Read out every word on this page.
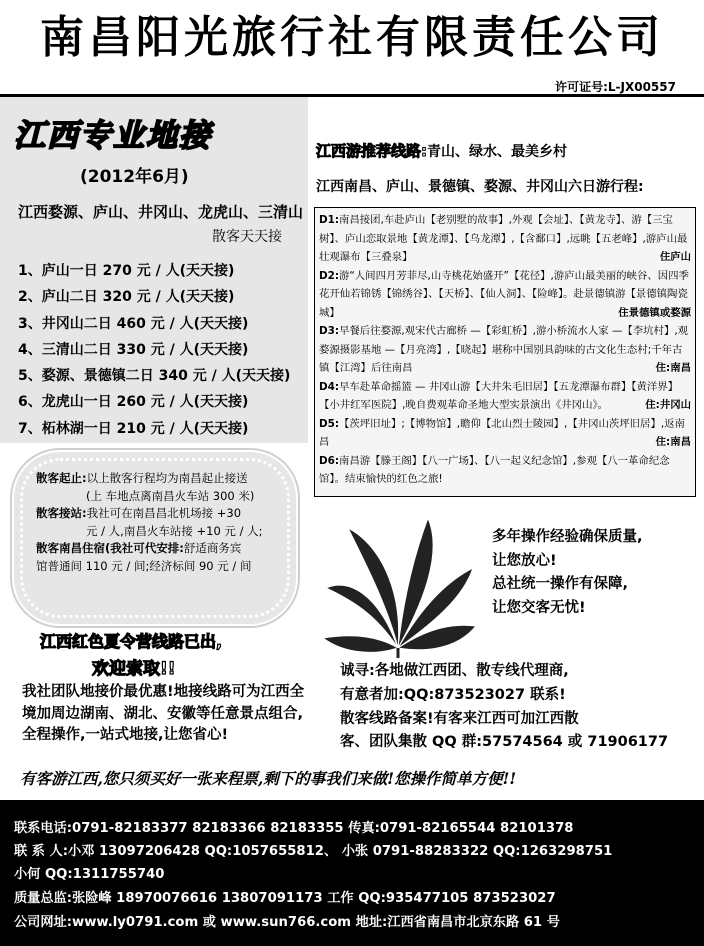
南昌阳光旅行社有限责任公司
许可证号:L-JX00557
江西专业地接
(2012年6月)
江西婺源、庐山、井冈山、龙虎山、三清山
散客天天接
1、庐山一日 270 元 / 人(天天接)
2、庐山二日 320 元 / 人(天天接)
3、井冈山二日 460 元 / 人(天天接)
4、三清山二日 330 元 / 人(天天接)
5、婺源、景德镇二日 340 元 / 人(天天接)
6、龙虎山一日 260 元 / 人(天天接)
7、柘林湖一日 210 元 / 人(天天接)
散客起止:以上散客行程均为南昌起止接送
(上 车地点离南昌火车站 300 米)
散客接站:我社可在南昌昌北机场接 +30
元 / 人,南昌火车站接 +10 元 / 人;
散客南昌住宿(我社可代安排:舒适商务宾
馆普通间 110 元 / 间;经济标间 90 元 / 间
江西红色夏令营线路已出,
欢迎索取!!
我社团队地接价最优惠!地接线路可为江西全境加周边湖南、湖北、安徽等任意景点组合,全程操作,一站式地接,让您省心!
江西游推荐线路:青山、绿水、最美乡村
江西南昌、庐山、景德镇、婺源、井冈山六日游行程:
D1:南昌接团,车赴庐山【老别墅的故事】,外观【会址】、【黄龙寺】、游【三宝树】、庐山恋取景地【黄龙潭】、【乌龙潭】,【含鄱口】,远眺【五老峰】,游庐山最壮观瀑布【三叠泉】	住庐山
D2:游“人间四月芳菲尽,山寺桃花始盛开”【花径】,游庐山最美丽的峡谷、因四季花开仙若锦锈【锦绣谷】、【天桥】、【仙人洞】、【险峰】。赴景德镇游【景德镇陶瓷城】	住景德镇或婺源
D3:早餐后往婺源,观宋代古廊桥 —【彩虹桥】,游小桥流水人家 —【李坑村】,观婺源摄影基地 —【月亮湾】,【晓起】堪称中国别具韵味的古文化生态村;千年古镇【江湾】后往南昌	住:南昌
D4:早车赴革命摇篮 — 井冈山游【大井朱毛旧居】【五龙潭瀑布群】【黄洋界】【小井红军医院】,晚自费观革命圣地大型实景演出《井冈山》。	住:井冈山
D5:【茨坪旧址】;【博物馆】,瞻仰【北山烈士陵园】,【井冈山茨坪旧居】,返南昌	住:南昌
D6:南昌游【滕王阁】【八一广场】、【八一起义纪念馆】,参观【八一革命纪念馆】。结束愉快的红色之旅!
多年操作经验确保质量,
让您放心!
总社统一操作有保障,
让您交客无忧!
诚寻:各地做江西团、散专线代理商,
有意者加:QQ:873523027 联系!
散客线路备案!有客来江西可加江西散
客、团队集散 QQ 群:57574564 或 71906177
有客游江西,您只须买好一张来程票,剩下的事我们来做!您操作简单方便!!
联系电话:0791-82183377 82183366 82183355 传真:0791-82165544 82101378
联 系 人:小邓 13097206428 QQ:1057655812、 小张 0791-88283322 QQ:1263298751
小何 QQ:1311755740
质量总监:张险峰 18970076616 13807091173 工作 QQ:935477105 873523027
公司网址:www.ly0791.com 或 www.sun766.com 地址:江西省南昌市北京东路 61 号
